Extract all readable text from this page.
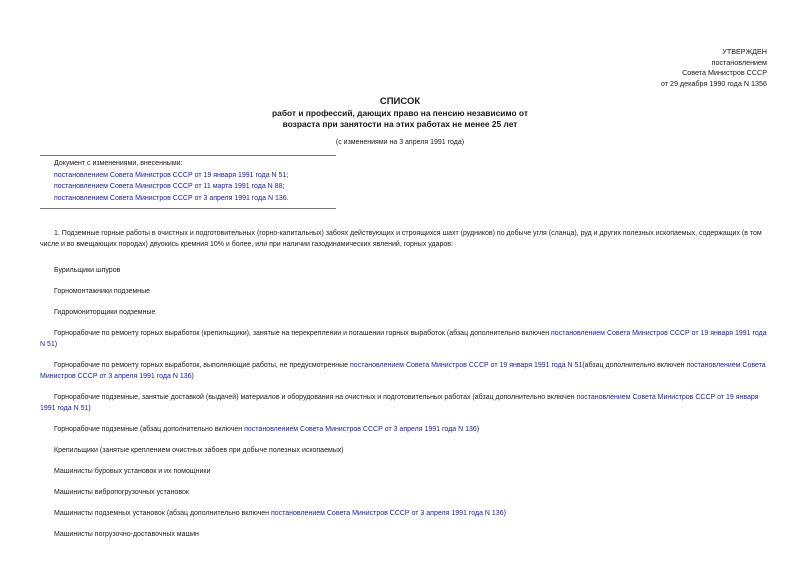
УТВЕРЖДЕН
постановлением
Совета Министров СССР
от 29 декабря 1990 года N 1356
СПИСОК
работ и профессий, дающих право на пенсию независимо от
возраста при занятости на этих работах не менее 25 лет
(с изменениями на 3 апреля 1991 года)
Документ с изменениями, внесенными:
постановлением Совета Министров СССР от 19 января 1991 года N 51;
постановлением Совета Министров СССР от 11 марта 1991 года N 88;
постановлением Совета Министров СССР от 3 апреля 1991 года N 136.

1. Подземные горные работы в очистных и подготовительных (горно-капитальных) забоях действующих и строящихся шахт (рудников) по добыче угля (сланца), руд и других полезных ископаемых, содержащих (в том числе и во вмещающих породах) двуокись кремния 10% и более, или при наличии газодинамических явлений, горных ударов:

Бурильщики шпуров

Горномонтажники подземные

Гидромониторщики подземные

Горнорабочие по ремонту горных выработок (крепильщики), занятые на перекреплении и погашении горных выработок (абзац дополнительно включен постановлением Совета Министров СССР от 19 января 1991 года N 51)

Горнорабочие по ремонту горных выработок, выполняющие работы, не предусмотренные постановлением Совета Министров СССР от 19 января 1991 года N 51(абзац дополнительно включен постановлением Совета Министров СССР от 3 апреля 1991 года N 136)

Горнорабочие подземные, занятые доставкой (выдачей) материалов и оборудования на очистных и подготовительных работах (абзац дополнительно включен постановлением Совета Министров СССР от 19 января 1991 года N 51)

Горнорабочие подземные (абзац дополнительно включен постановлением Совета Министров СССР от 3 апреля 1991 года N 136)

Крепильщики (занятые креплением очистных забоев при добыче полезных ископаемых)

Машинисты буровых установок и их помощники

Машинисты вибропогрузочных установок

Машинисты подземных установок (абзац дополнительно включен постановлением Совета Министров СССР от 3 апреля 1991 года N 136)

Машинисты погрузочно-доставочных машин
